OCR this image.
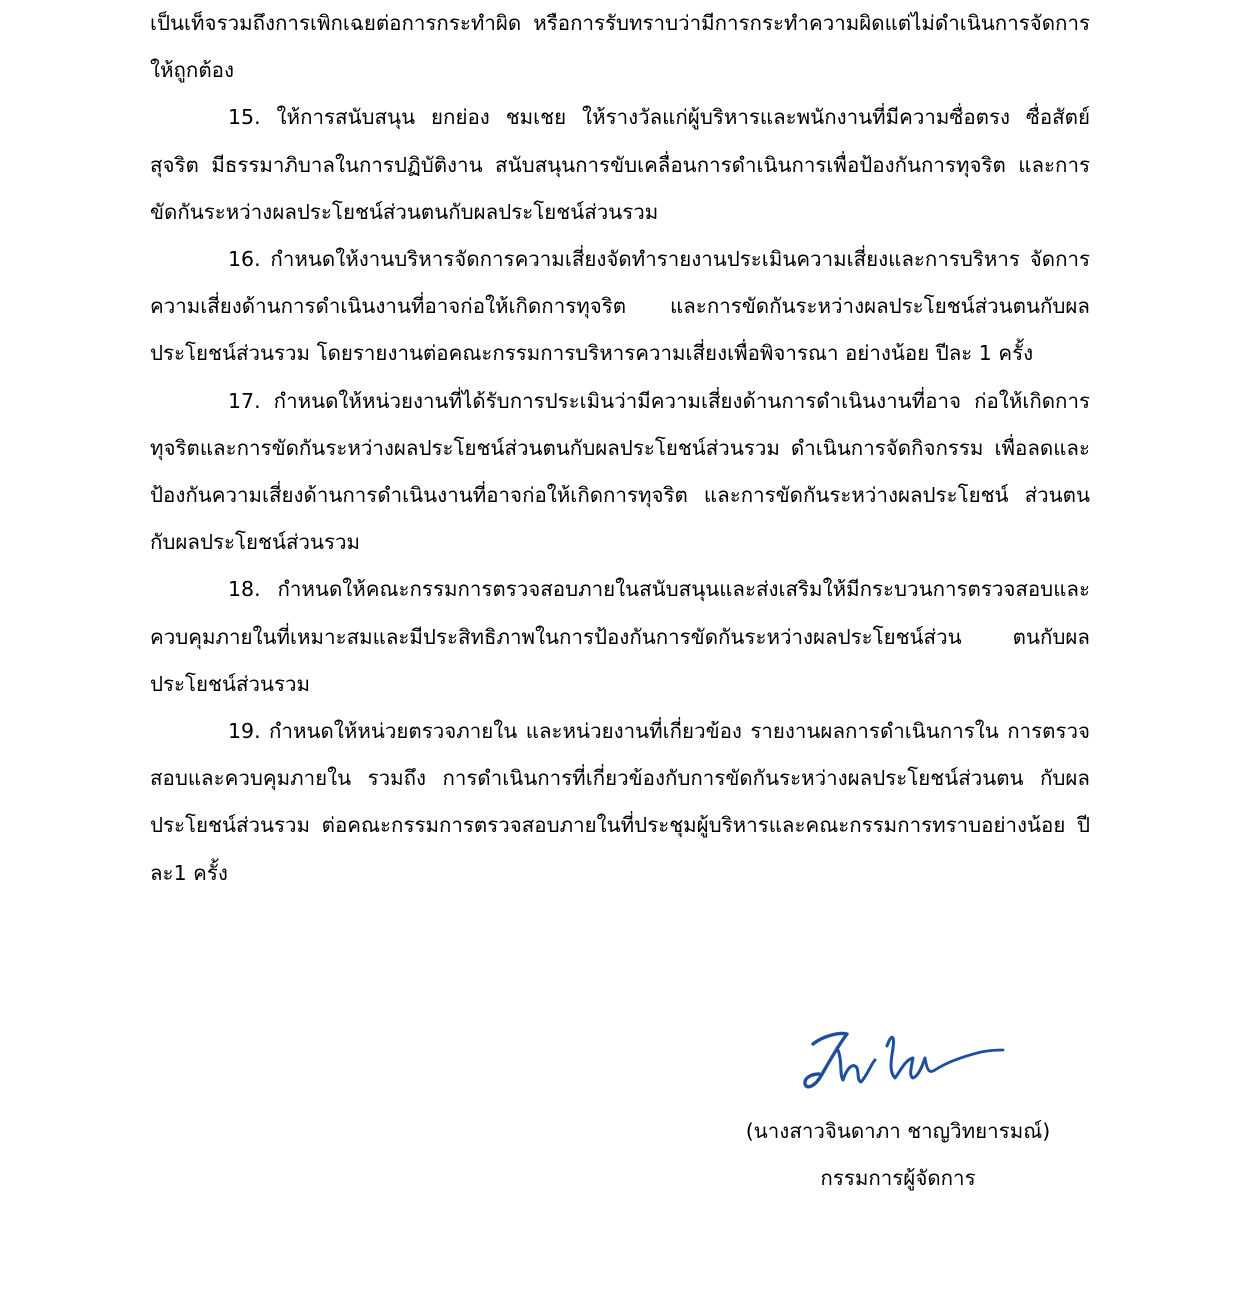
เป็นเท็จรวมถึงการเพิกเฉยต่อการกระทำผิด หรือการรับทราบว่ามีการกระทำความผิดแต่ไม่ดำเนินการจัดการให้ถูกต้อง

15. ให้การสนับสนุน ยกย่อง ชมเชย ให้รางวัลแก่ผู้บริหารและพนักงานที่มีความซื่อตรง ซื่อสัตย์สุจริต มีธรรมาภิบาลในการปฏิบัติงาน สนับสนุนการขับเคลื่อนการดำเนินการเพื่อป้องกันการทุจริต และการขัดกันระหว่างผลประโยชน์ส่วนตนกับผลประโยชน์ส่วนรวม

16. กำหนดให้งานบริหารจัดการความเสี่ยงจัดทำรายงานประเมินความเสี่ยงและการบริหาร จัดการความเสี่ยงด้านการดำเนินงานที่อาจก่อให้เกิดการทุจริต และการขัดกันระหว่างผลประโยชน์ส่วนตนกับผลประโยชน์ส่วนรวม โดยรายงานต่อคณะกรรมการบริหารความเสี่ยงเพื่อพิจารณา อย่างน้อย ปีละ 1 ครั้ง

17. กำหนดให้หน่วยงานที่ได้รับการประเมินว่ามีความเสี่ยงด้านการดำเนินงานที่อาจ ก่อให้เกิดการทุจริตและการขัดกันระหว่างผลประโยชน์ส่วนตนกับผลประโยชน์ส่วนรวม ดำเนินการจัดกิจกรรม เพื่อลดและป้องกันความเสี่ยงด้านการดำเนินงานที่อาจก่อให้เกิดการทุจริต และการขัดกันระหว่างผลประโยชน์ ส่วนตนกับผลประโยชน์ส่วนรวม

18. กำหนดให้คณะกรรมการตรวจสอบภายในสนับสนุนและส่งเสริมให้มีกระบวนการตรวจสอบและควบคุมภายในที่เหมาะสมและมีประสิทธิภาพในการป้องกันการขัดกันระหว่างผลประโยชน์ส่วน ตนกับผลประโยชน์ส่วนรวม

19. กำหนดให้หน่วยตรวจภายใน และหน่วยงานที่เกี่ยวข้อง รายงานผลการดำเนินการใน การตรวจสอบและควบคุมภายใน รวมถึง การดำเนินการที่เกี่ยวข้องกับการขัดกันระหว่างผลประโยชน์ส่วนตน กับผลประโยชน์ส่วนรวม ต่อคณะกรรมการตรวจสอบภายในที่ประชุมผู้บริหารและคณะกรรมการทราบอย่างน้อย ปี ละ1 ครั้ง

(นางสาวจินดาภา ชาญวิทยารมณ์)

กรรมการผู้จัดการ
